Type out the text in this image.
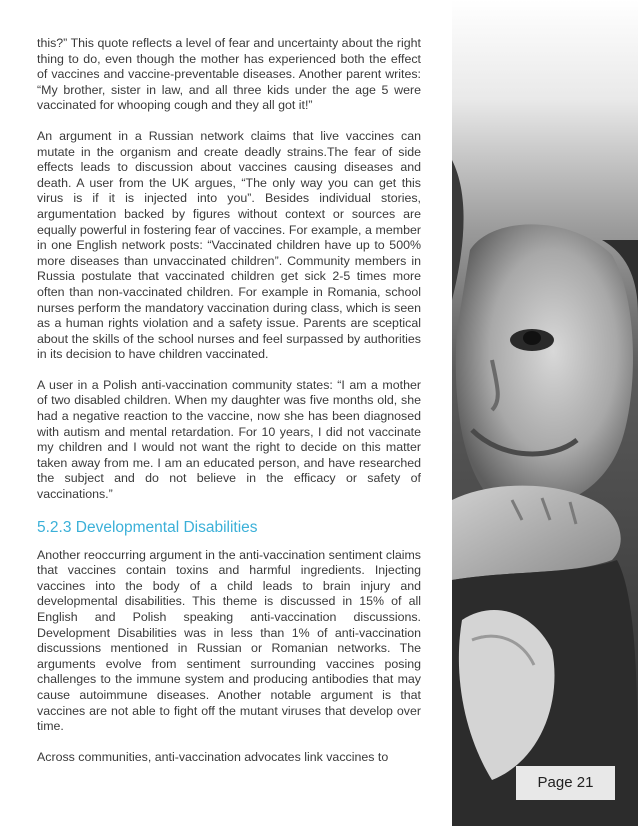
this?” This quote reflects a level of fear and uncertainty about the right thing to do, even though the mother has experienced both the effect of vaccines and vaccine-preventable diseases. Another parent writes: “My brother, sister in law, and all three kids under the age 5 were vaccinated for whooping cough and they all got it!”

An argument in a Russian network claims that live vaccines can mutate in the organism and create deadly strains.The fear of side effects leads to discussion about vaccines causing diseases and death. A user from the UK argues, “The only way you can get this virus is if it is injected into you”. Besides individual stories, argumentation backed by figures without context or sources are equally powerful in fostering fear of vaccines. For example, a member in one English network posts: “Vaccinated children have up to 500% more diseases than unvaccinated children”. Community members in Russia postulate that vaccinated children get sick 2-5 times more often than non-vaccinated children. For example in Romania, school nurses perform the mandatory vaccination during class, which is seen as a human rights violation and a safety issue. Parents are sceptical about the skills of the school nurses and feel surpassed by authorities in its decision to have children vaccinated.

A user in a Polish anti-vaccination community states: “I am a mother of two disabled children. When my daughter was five months old, she had a negative reaction to the vaccine, now she has been diagnosed with autism and mental retardation. For 10 years, I did not vaccinate my children and I would not want the right to decide on this matter taken away from me. I am an educated person, and have researched the subject and do not believe in the efficacy or safety of vaccinations.”

5.2.3 Developmental Disabilities

Another reoccurring argument in the anti-vaccination sentiment claims that vaccines contain toxins and harmful ingredients. Injecting vaccines into the body of a child leads to brain injury and developmental disabilities. This theme is discussed in 15% of all English and Polish speaking anti-vaccination discussions. Development Disabilities was in less than 1% of anti-vaccination discussions mentioned in Russian or Romanian networks. The arguments evolve from sentiment surrounding vaccines posing challenges to the immune system and producing antibodies that may cause autoimmune diseases. Another notable argument is that vaccines are not able to fight off the mutant viruses that develop over time.

Across communities, anti-vaccination advocates link vaccines to

Page 21
